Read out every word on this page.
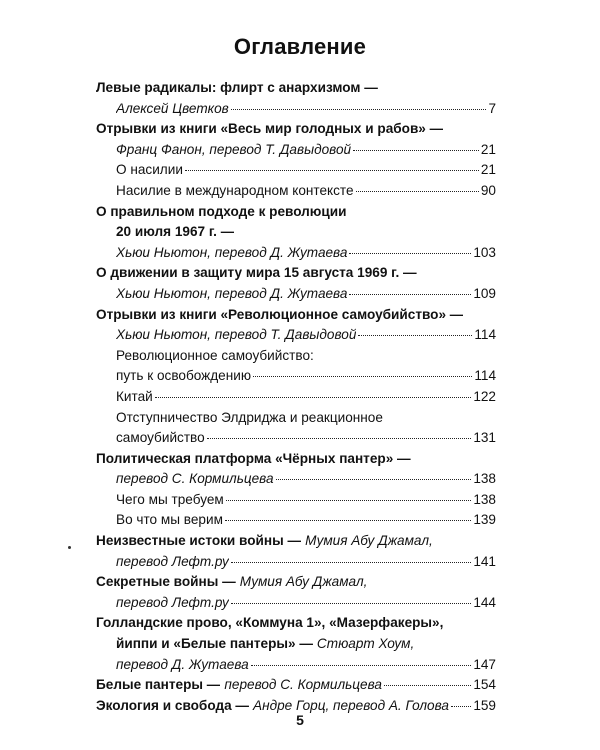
Оглавление
Левые радикалы: флирт с анархизмом —
Алексей Цветков	7
Отрывки из книги «Весь мир голодных и рабов» —
Франц Фанон, перевод Т. Давыдовой	21
О насилии	21
Насилие в международном контексте	90
О правильном подходе к революции
20 июля 1967 г. —
Хьюи Ньютон, перевод Д. Жутаева	103
О движении в защиту мира 15 августа 1969 г. —
Хьюи Ньютон, перевод Д. Жутаева	109
Отрывки из книги «Революционное самоубийство» —
Хьюи Ньютон, перевод Т. Давыдовой	114
Революционное самоубийство:
путь к освобождению	114
Китай	122
Отступничество Элдриджа и реакционное
самоубийство	131
Политическая платформа «Чёрных пантер» —
перевод С. Кормильцева	138
Чего мы требуем	138
Во что мы верим	139
Неизвестные истоки войны — Мумия Абу Джамал,
перевод Лефт.ру	141
Секретные войны — Мумия Абу Джамал,
перевод Лефт.ру	144
Голландские прово, «Коммуна 1», «Мазерфакеры»,
йиппи и «Белые пантеры» — Стюарт Хоум,
перевод Д. Жутаева	147
Белые пантеры — перевод С. Кормильцева	154
Экология и свобода — Андре Горц, перевод А. Голова 159
5
